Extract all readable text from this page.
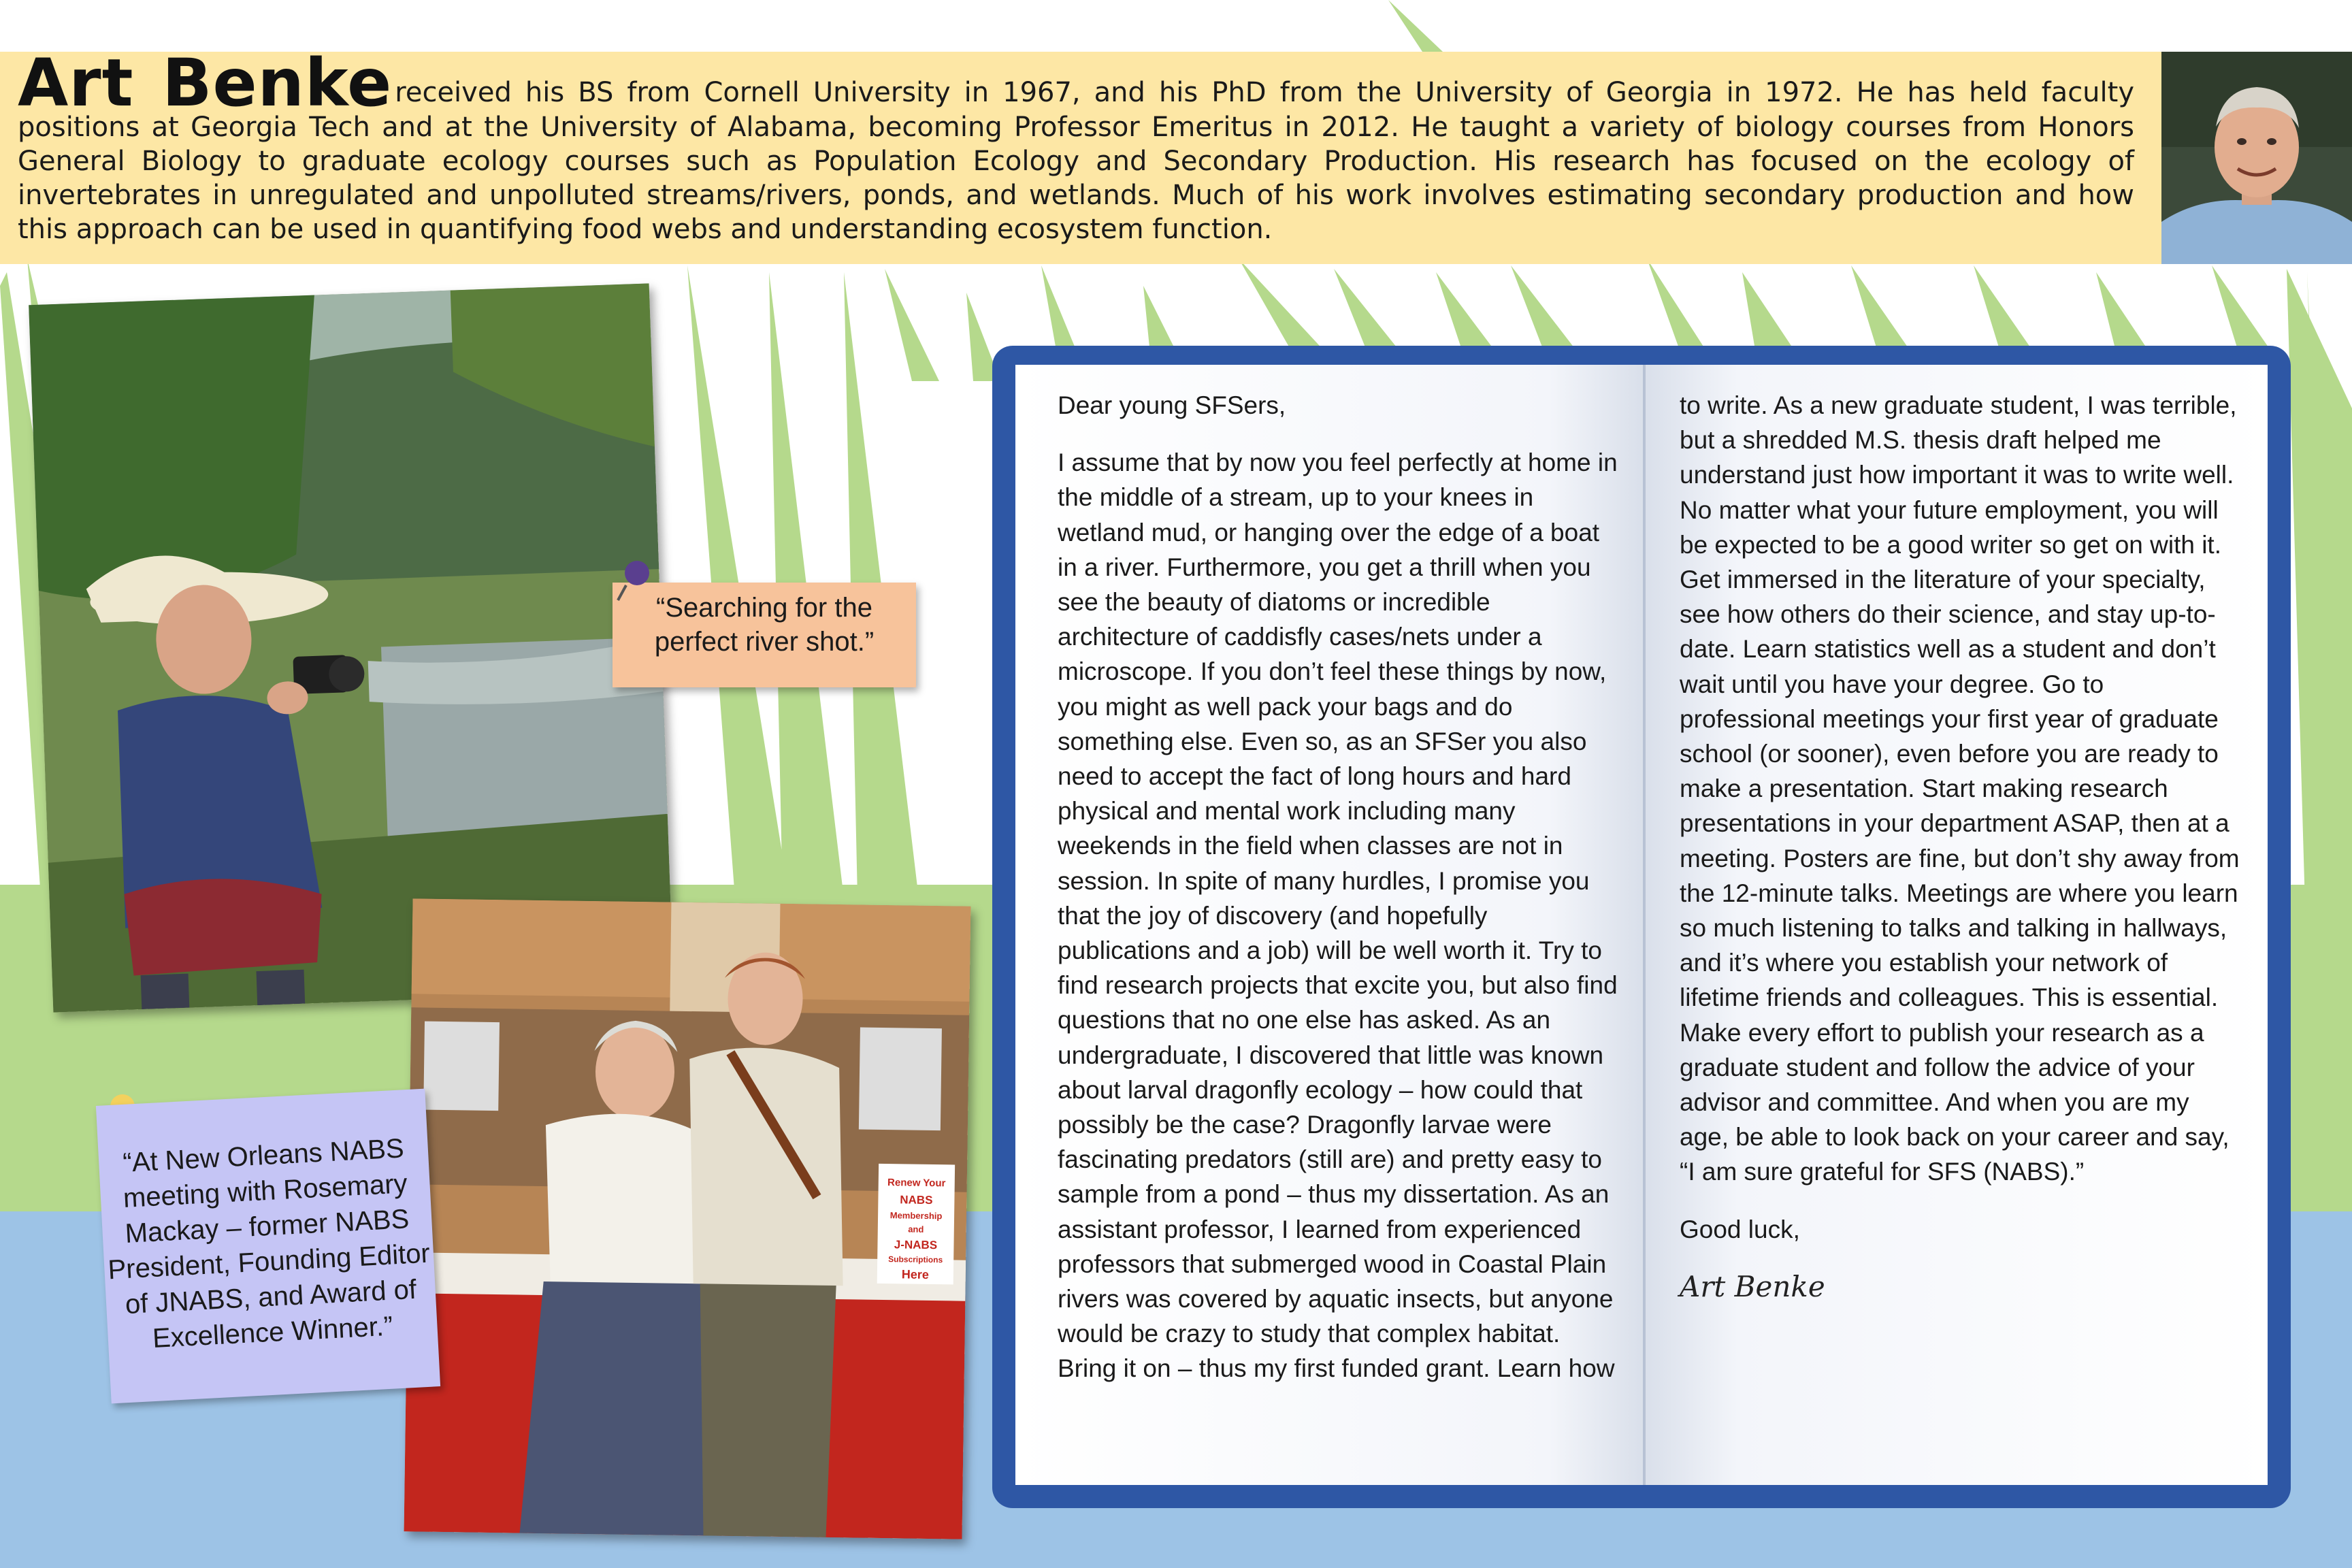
Art Benke received his BS from Cornell University in 1967, and his PhD from the University of Georgia in 1972. He has held faculty positions at Georgia Tech and at the University of Alabama, becoming Professor Emeritus in 2012. He taught a variety of biology courses from Honors General Biology to graduate ecology courses such as Population Ecology and Secondary Production. His research has focused on the ecology of invertebrates in unregulated and unpolluted streams/rivers, ponds, and wetlands. Much of his work involves estimating secondary production and how this approach can be used in quantifying food webs and understanding ecosystem function.
Renew Your
NABS
Membership
and
J-NABS
Subscriptions
Here
“Searching for the perfect river shot.”
“At New Orleans NABS meeting with Rosemary Mackay – former NABS President, Founding Editor of JNABS, and Award of Excellence Winner.”

Dear young SFSers,

I assume that by now you feel perfectly at home in the middle of a stream, up to your knees in wetland mud, or hanging over the edge of a boat in a river. Furthermore, you get a thrill when you see the beauty of diatoms or incredible architecture of caddisfly cases/nets under a microscope. If you don’t feel these things by now, you might as well pack your bags and do something else. Even so, as an SFSer you also need to accept the fact of long hours and hard physical and mental work including many weekends in the field when classes are not in session. In spite of many hurdles, I promise you that the joy of discovery (and hopefully publications and a job) will be well worth it. Try to find research projects that excite you, but also find questions that no one else has asked. As an undergraduate, I discovered that little was known about larval dragonfly ecology – how could that possibly be the case? Dragonfly larvae were fascinating predators (still are) and pretty easy to sample from a pond – thus my dissertation. As an assistant professor, I learned from experienced professors that submerged wood in Coastal Plain rivers was covered by aquatic insects, but anyone would be crazy to study that complex habitat. Bring it on – thus my first funded grant. Learn how

to write. As a new graduate student, I was terrible, but a shredded M.S. thesis draft helped me understand just how important it was to write well. No matter what your future employment, you will be expected to be a good writer so get on with it. Get immersed in the literature of your specialty, see how others do their science, and stay up-to-date. Learn statistics well as a student and don’t wait until you have your degree. Go to professional meetings your first year of graduate school (or sooner), even before you are ready to make a presentation. Start making research presentations in your department ASAP, then at a meeting. Posters are fine, but don’t shy away from the 12-minute talks. Meetings are where you learn so much listening to talks and talking in hallways, and it’s where you establish your network of lifetime friends and colleagues. This is essential. Make every effort to publish your research as a graduate student and follow the advice of your advisor and committee. And when you are my age, be able to look back on your career and say, “I am sure grateful for SFS (NABS).”

Good luck,

Art Benke
